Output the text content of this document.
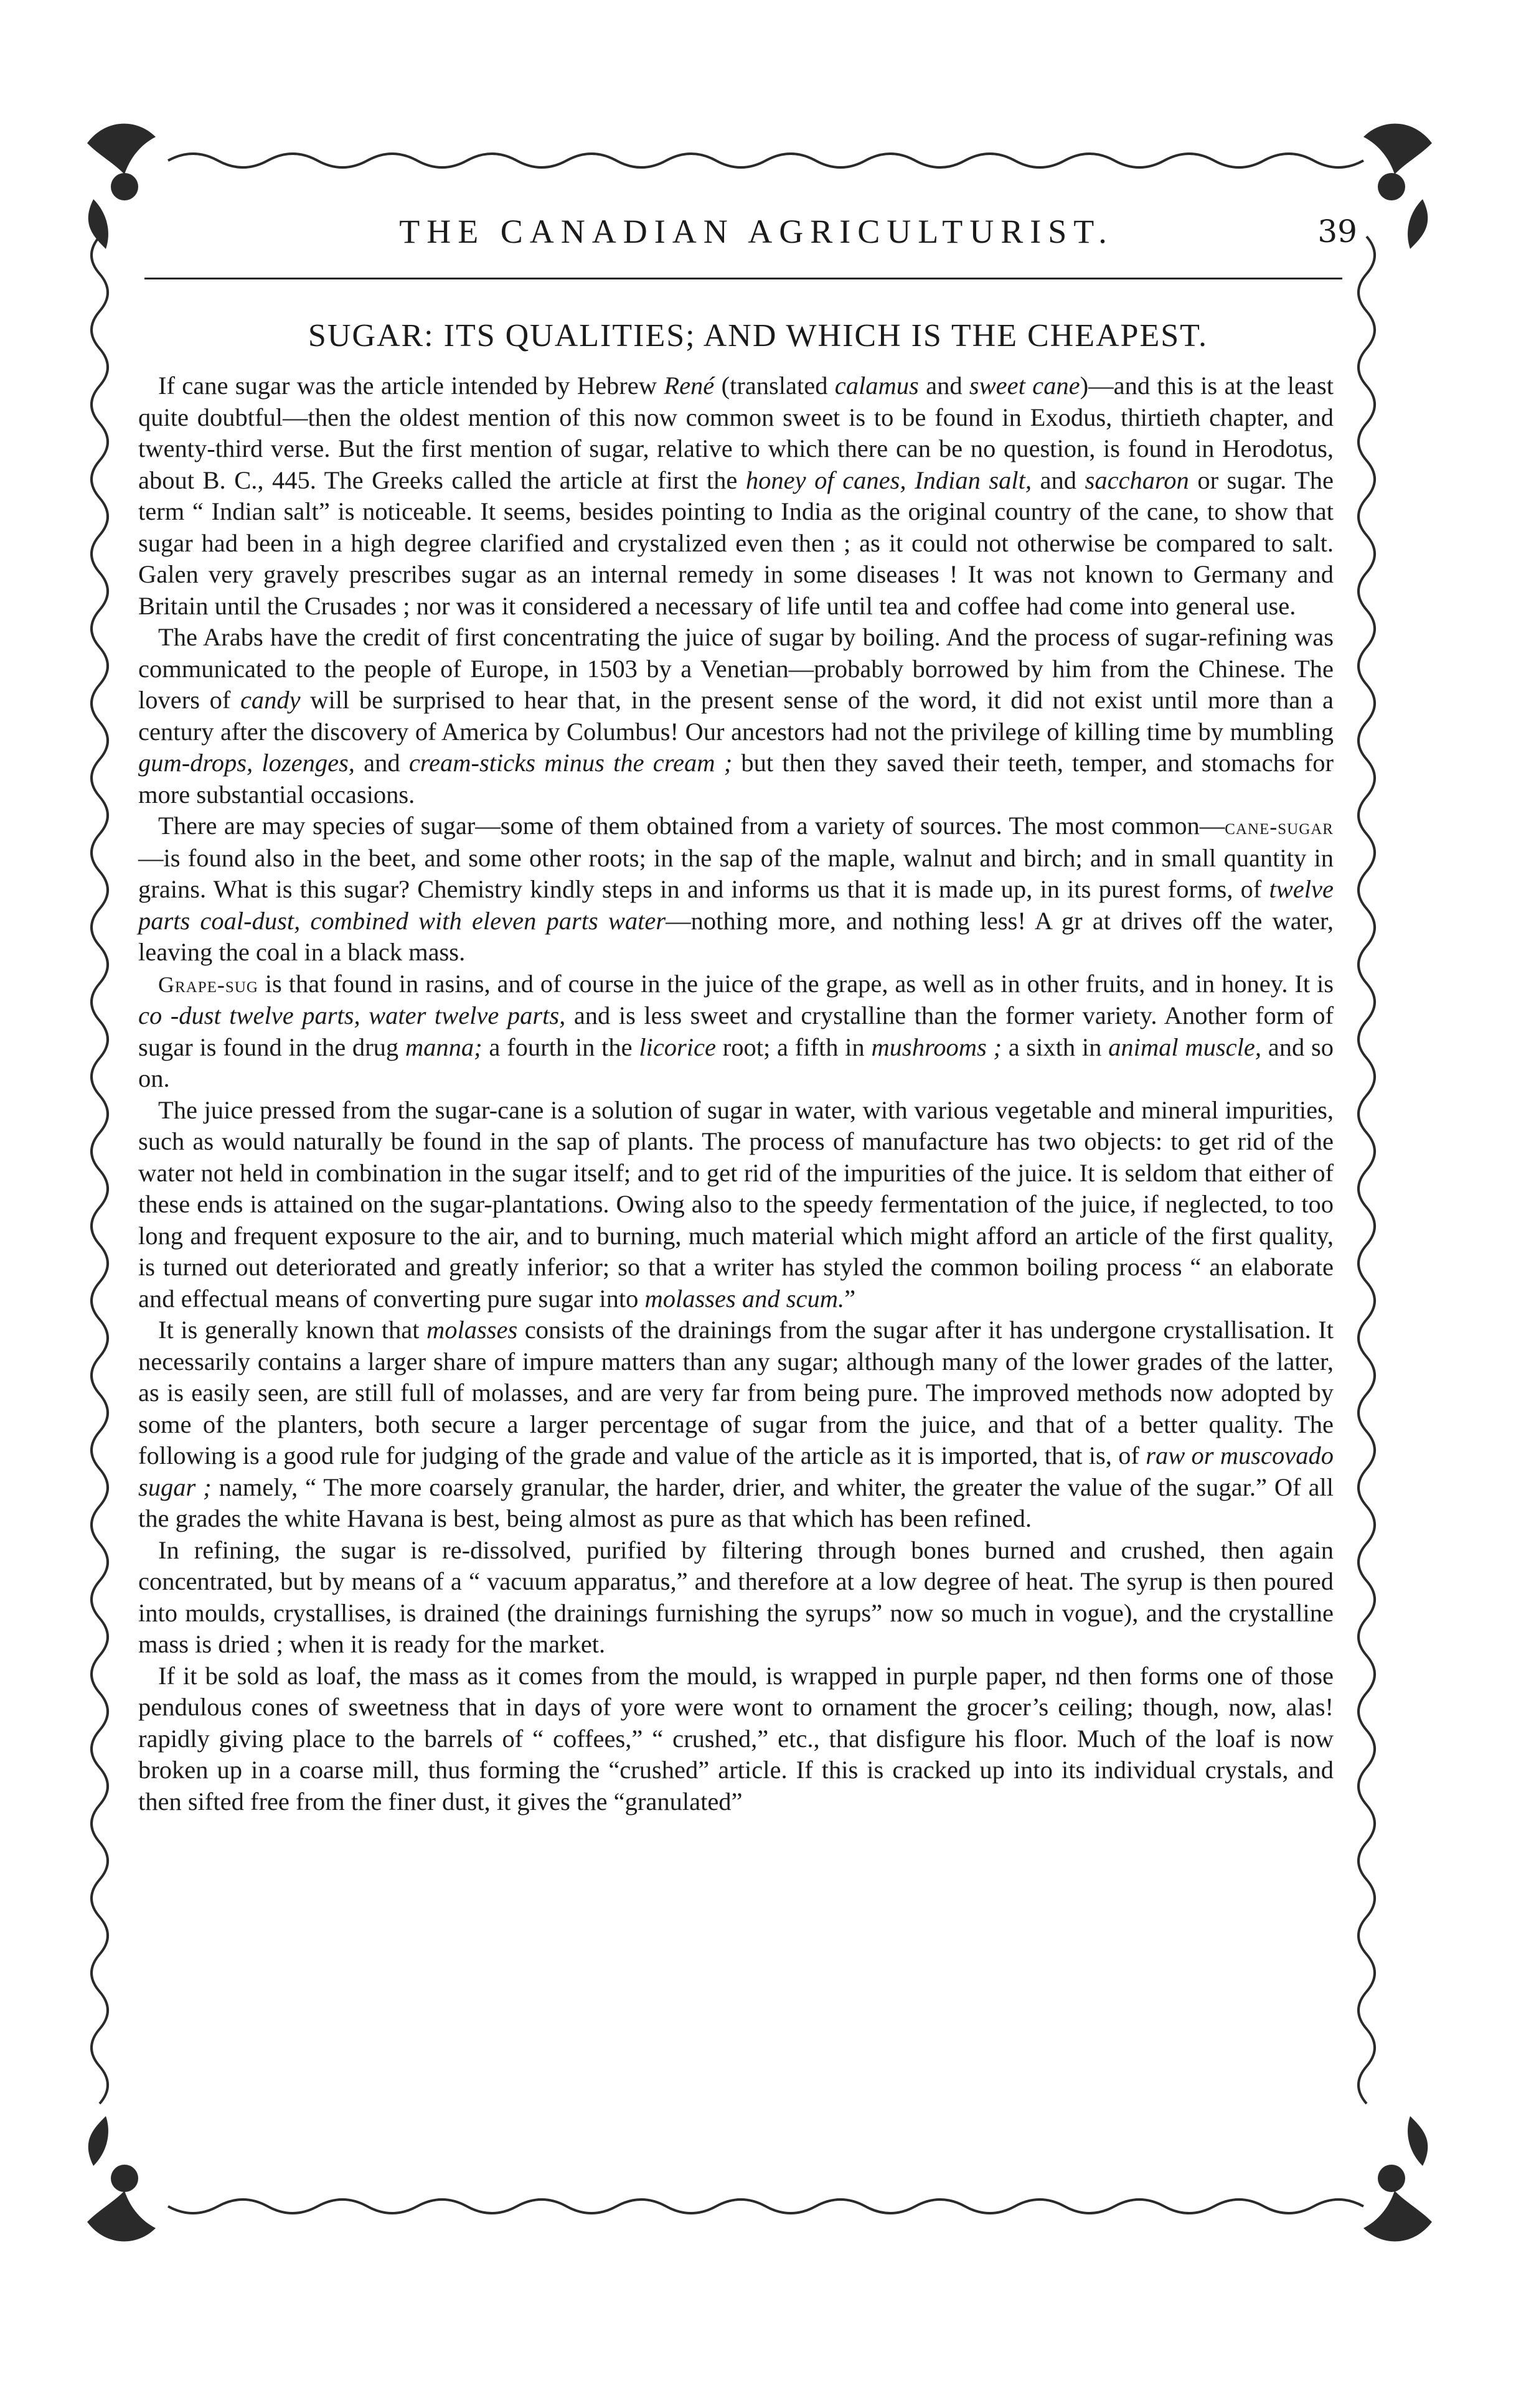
THE CANADIAN AGRICULTURIST.	39
SUGAR: ITS QUALITIES; AND WHICH IS THE CHEAPEST.

If cane sugar was the article intended by Hebrew René (translated calamus and sweet cane)—and this is at the least quite doubtful—then the oldest mention of this now common sweet is to be found in Exodus, thirtieth chapter, and twenty-third verse. But the first mention of sugar, relative to which there can be no question, is found in Herodotus, about B. C., 445. The Greeks called the article at first the honey of canes, Indian salt, and saccharon or sugar. The term “ Indian salt” is noticeable. It seems, besides pointing to India as the original country of the cane, to show that sugar had been in a high degree clarified and crystalized even then ; as it could not otherwise be compared to salt. Galen very gravely prescribes sugar as an internal remedy in some diseases ! It was not known to Germany and Britain until the Crusades ; nor was it considered a necessary of life until tea and coffee had come into general use.

The Arabs have the credit of first concentrating the juice of sugar by boiling. And the process of sugar-refining was communicated to the people of Europe, in 1503 by a Venetian—probably borrowed by him from the Chinese. The lovers of candy will be surprised to hear that, in the present sense of the word, it did not exist until more than a century after the discovery of America by Columbus! Our ancestors had not the privilege of killing time by mumbling gum-drops, lozenges, and cream-sticks minus the cream ; but then they saved their teeth, temper, and stomachs for more substantial occasions.

There are may species of sugar—some of them obtained from a variety of sources. The most common—cane-sugar—is found also in the beet, and some other roots; in the sap of the maple, walnut and birch; and in small quantity in grains. What is this sugar? Chemistry kindly steps in and informs us that it is made up, in its purest forms, of twelve parts coal-dust, combined with eleven parts water—nothing more, and nothing less! A gr at drives off the water, leaving the coal in a black mass.

Grape-sug is that found in rasins, and of course in the juice of the grape, as well as in other fruits, and in honey. It is co -dust twelve parts, water twelve parts, and is less sweet and crystalline than the former variety. Another form of sugar is found in the drug manna; a fourth in the licorice root; a fifth in mushrooms ; a sixth in animal muscle, and so on.

The juice pressed from the sugar-cane is a solution of sugar in water, with various vegetable and mineral impurities, such as would naturally be found in the sap of plants. The process of manufacture has two objects: to get rid of the water not held in combination in the sugar itself; and to get rid of the impurities of the juice. It is seldom that either of these ends is attained on the sugar-plantations. Owing also to the speedy fermentation of the juice, if neglected, to too long and frequent exposure to the air, and to burning, much material which might afford an article of the first quality, is turned out deteriorated and greatly inferior; so that a writer has styled the common boiling process “ an elaborate and effectual means of converting pure sugar into molasses and scum.”

It is generally known that molasses consists of the drainings from the sugar after it has undergone crystallisation. It necessarily contains a larger share of impure matters than any sugar; although many of the lower grades of the latter, as is easily seen, are still full of molasses, and are very far from being pure. The improved methods now adopted by some of the planters, both secure a larger percentage of sugar from the juice, and that of a better quality. The following is a good rule for judging of the grade and value of the article as it is imported, that is, of raw or muscovado sugar ; namely, “ The more coarsely granular, the harder, drier, and whiter, the greater the value of the sugar.” Of all the grades the white Havana is best, being almost as pure as that which has been refined.

In refining, the sugar is re-dissolved, purified by filtering through bones burned and crushed, then again concentrated, but by means of a “ vacuum apparatus,” and therefore at a low degree of heat. The syrup is then poured into moulds, crystallises, is drained (the drainings furnishing the syrups” now so much in vogue), and the crystalline mass is dried ; when it is ready for the market.

If it be sold as loaf, the mass as it comes from the mould, is wrapped in purple paper, nd then forms one of those pendulous cones of sweetness that in days of yore were wont to ornament the grocer’s ceiling; though, now, alas! rapidly giving place to the barrels of “ coffees,” “ crushed,” etc., that disfigure his floor. Much of the loaf is now broken up in a coarse mill, thus forming the “crushed” article. If this is cracked up into its individual crystals, and then sifted free from the finer dust, it gives the “granulated”
